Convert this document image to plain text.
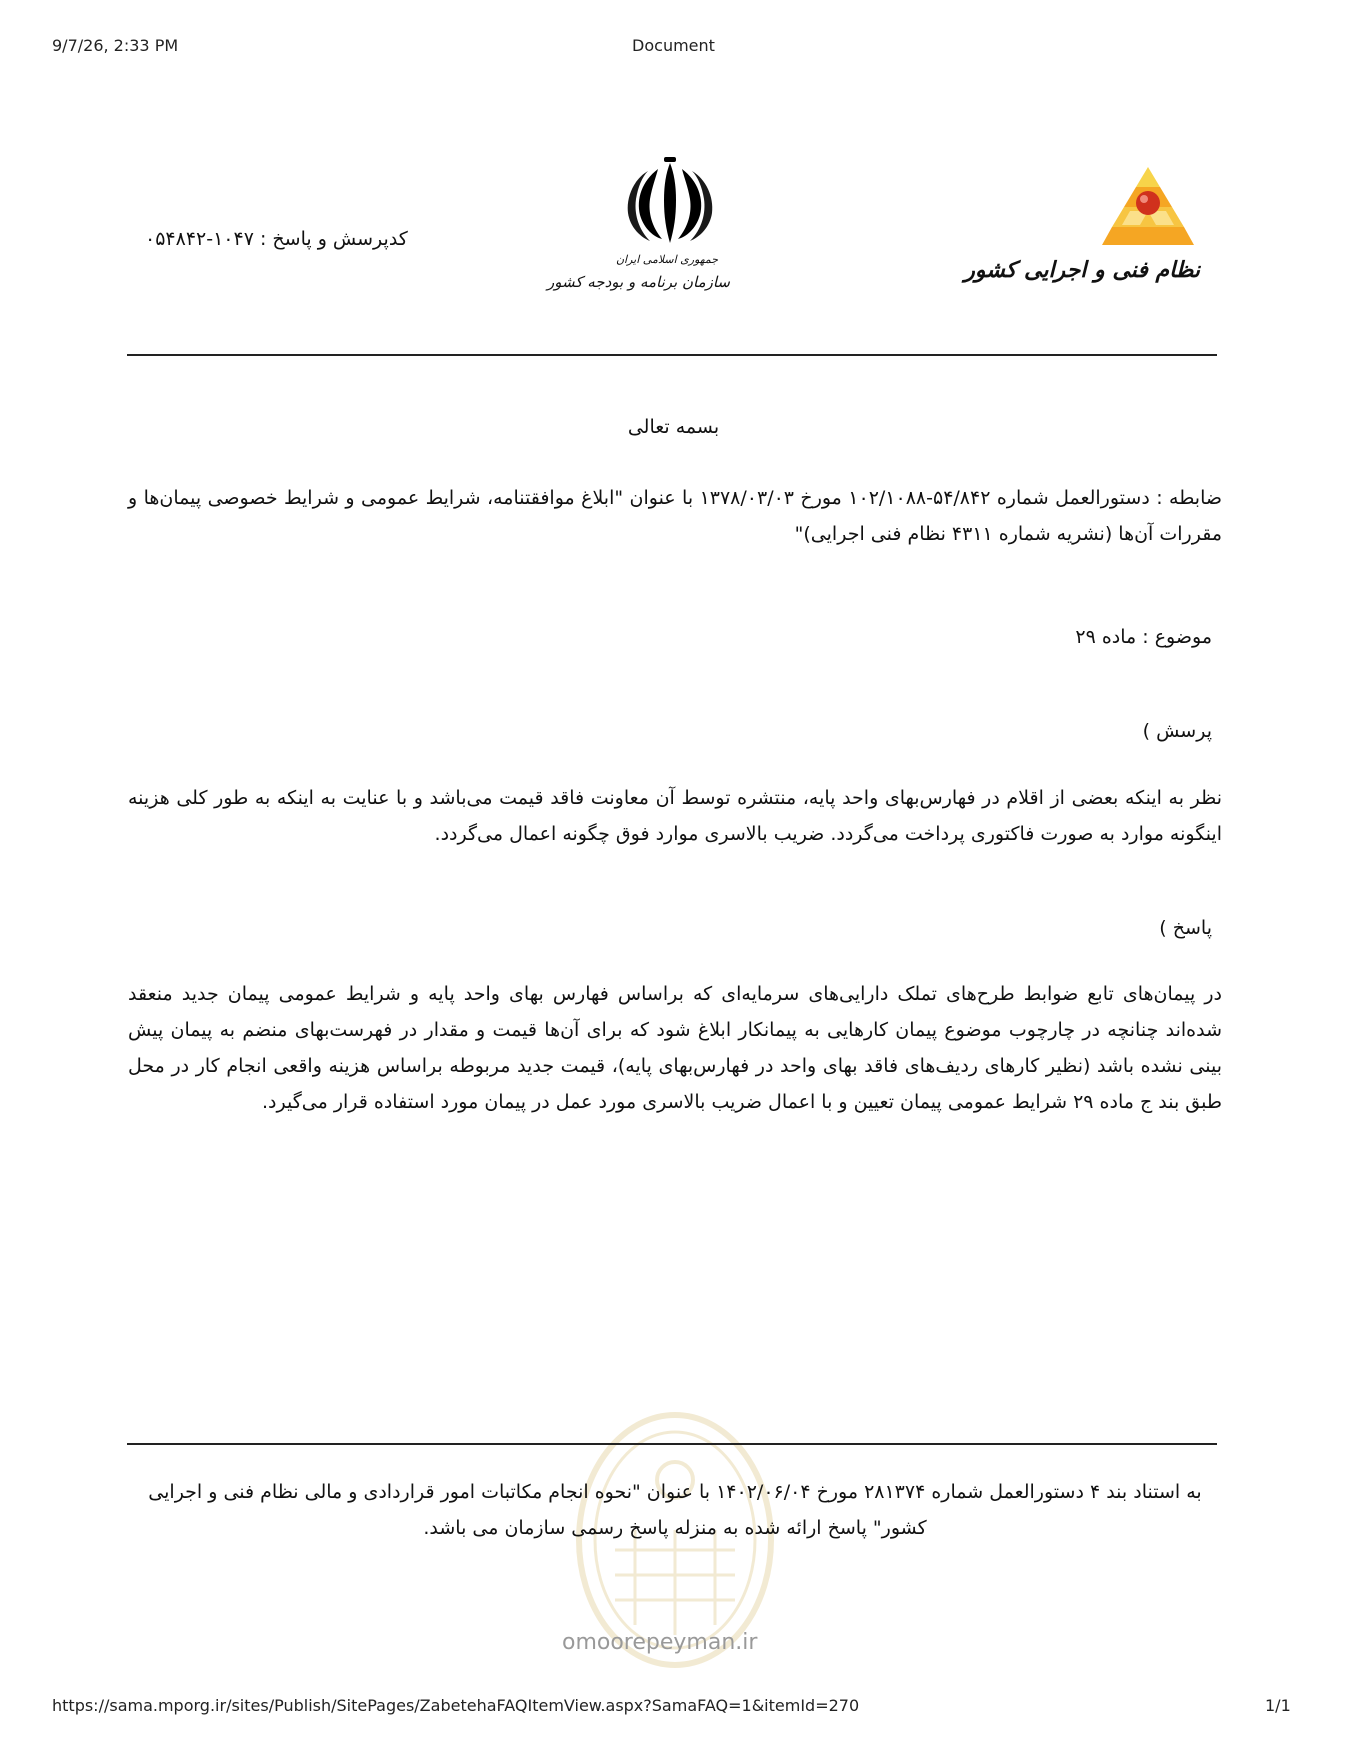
9/7/26, 2:33 PM	Document
کدپرسش و پاسخ : ۱۰۴۷-۰۵۴۸۴۲
جمهوری اسلامی ایران
سازمان برنامه و بودجه کشور	نظام فنی و اجرایی کشور
بسمه تعالی
ضابطه : دستورالعمل شماره ۵۴/۸۴۲-۱۰۲/۱۰۸۸ مورخ ۱۳۷۸/۰۳/۰۳ با عنوان "ابلاغ موافقتنامه، شرایط عمومی و شرایط خصوصی پیمان‌ها و مقررات آن‌ها (نشریه شماره ۴۳۱۱ نظام فنی اجرایی)"
موضوع : ماده ۲۹
پرسش )
نظر به اینکه بعضی از اقلام در فهارس‌بهای واحد پایه، منتشره توسط آن معاونت فاقد قیمت می‌باشد و با عنایت به اینکه به طور کلی هزینه اینگونه موارد به صورت فاکتوری پرداخت می‌گردد. ضریب بالاسری موارد فوق چگونه اعمال می‌گردد.
پاسخ )
در پیمان‌های تابع ضوابط طرح‌های تملک دارایی‌های سرمایه‌ای که براساس فهارس بهای واحد پایه و شرایط عمومی پیمان جدید منعقد شده‌اند چنانچه در چارچوب موضوع پیمان کارهایی به پیمانکار ابلاغ شود که برای آن‌ها قیمت و مقدار در فهرست‌بهای منضم به پیمان پیش بینی نشده باشد (نظیر کارهای ردیف‌های فاقد بهای واحد در فهارس‌بهای پایه)، قیمت جدید مربوطه براساس هزینه واقعی انجام کار در محل طبق بند ج ماده ۲۹ شرایط عمومی پیمان تعیین و با اعمال ضریب بالاسری مورد عمل در پیمان مورد استفاده قرار می‌گیرد.
omoorepeyman.ir
به استناد بند ۴ دستورالعمل شماره ۲۸۱۳۷۴ مورخ ۱۴۰۲/۰۶/۰۴ با عنوان "نحوه انجام مکاتبات امور قراردادی و مالی نظام فنی و اجرایی کشور" پاسخ ارائه شده به منزله پاسخ رسمی سازمان می باشد.
https://sama.mporg.ir/sites/Publish/SitePages/ZabetehaFAQItemView.aspx?SamaFAQ=1&itemId=270	1/1
